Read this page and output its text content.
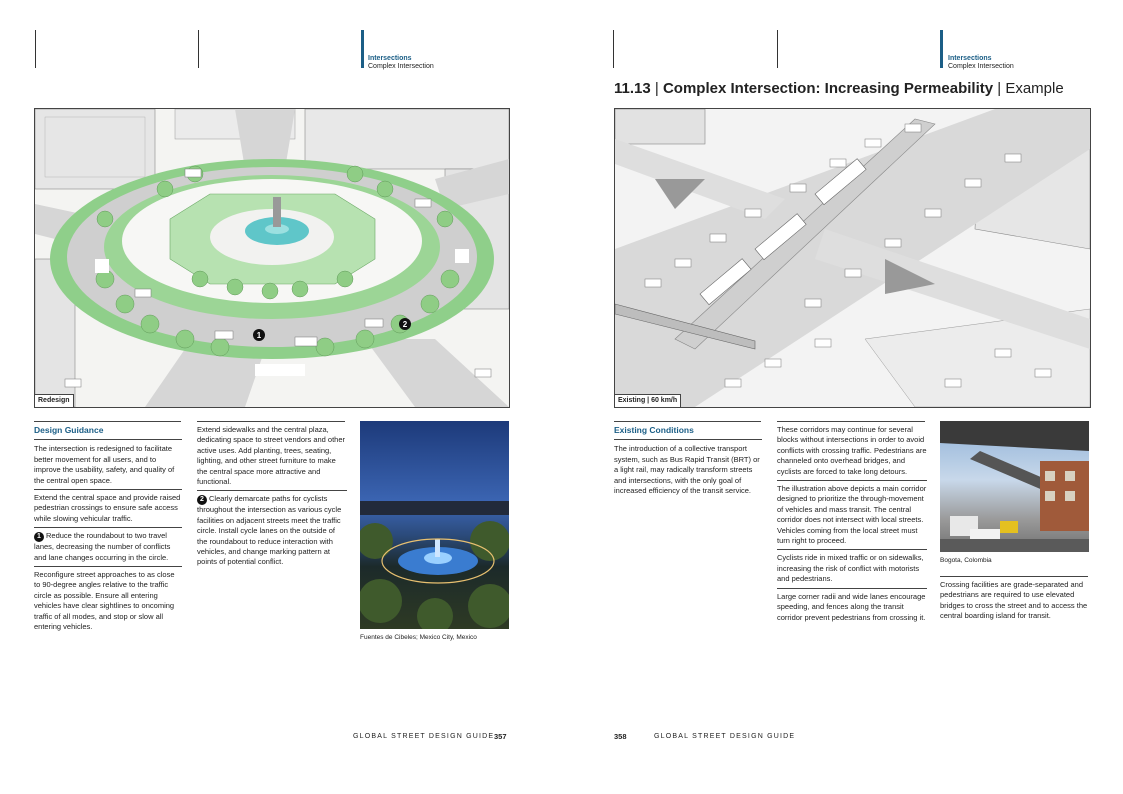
Intersections
Complex Intersection
Intersections
Complex Intersection
11.13 | Complex Intersection: Increasing Permeability | Example
1
2
Redesign	Existing | 60 km/h
Design Guidance

The intersection is redesigned to facilitate better movement for all users, and to improve the usability, safety, and quality of the central open space.

Extend the central space and provide raised pedestrian crossings to ensure safe access while slowing vehicular traffic.

1 Reduce the roundabout to two travel lanes, decreasing the number of conflicts and lane changes occurring in the circle.

Reconfigure street approaches to as close to 90-degree angles relative to the traffic circle as possible. Ensure all entering vehicles have clear sightlines to oncoming traffic of all modes, and stop or slow all entering vehicles.

Extend sidewalks and the central plaza, dedicating space to street vendors and other active uses. Add planting, trees, seating, lighting, and other street furniture to make the central space more attractive and functional.

2 Clearly demarcate paths for cyclists throughout the intersection as various cycle facilities on adjacent streets meet the traffic circle. Install cycle lanes on the outside of the roundabout to reduce interaction with vehicles, and change marking pattern at points of potential conflict.

Fuentes de Cibeles; Mexico City, Mexico
GLOBAL STREET DESIGN GUIDE 357
Existing Conditions

The introduction of a collective transport system, such as Bus Rapid Transit (BRT) or a light rail, may radically transform streets and intersections, with the only goal of increased efficiency of the transit service.

These corridors may continue for several blocks without intersections in order to avoid conflicts with crossing traffic. Pedestrians are channeled onto overhead bridges, and cyclists are forced to take long detours.

The illustration above depicts a main corridor designed to prioritize the through-movement of vehicles and mass transit. The central corridor does not intersect with local streets. Vehicles coming from the local street must turn right to proceed.

Cyclists ride in mixed traffic or on sidewalks, increasing the risk of conflict with motorists and pedestrians.

Large corner radii and wide lanes encourage speeding, and fences along the transit corridor prevent pedestrians from crossing it.

Bogota, Colombia

Crossing facilities are grade-separated and pedestrians are required to use elevated bridges to cross the street and to access the central boarding island for transit.

358	GLOBAL STREET DESIGN GUIDE
